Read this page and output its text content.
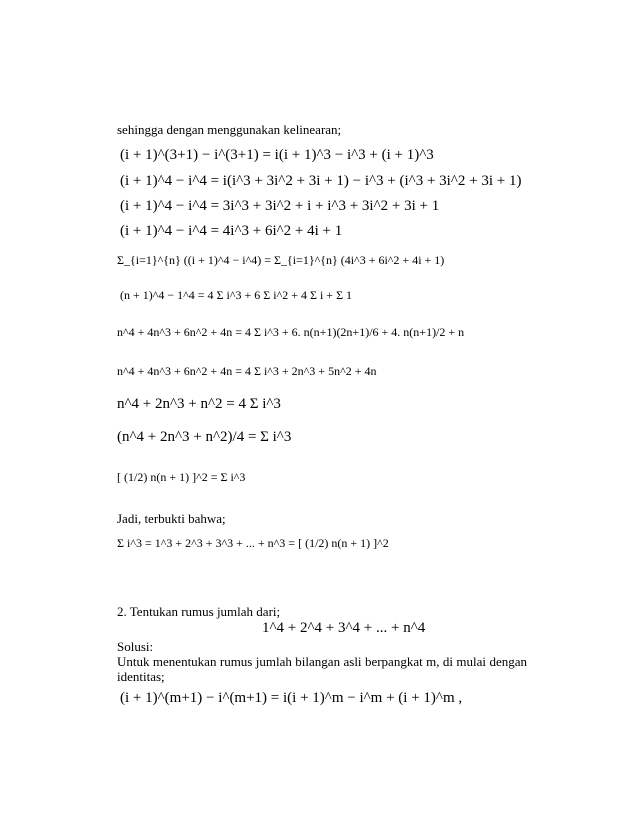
sehingga dengan menggunakan kelinearan;
(i + 1)^(3+1) − i^(3+1) = i(i + 1)^3 − i^3 + (i + 1)^3
(i + 1)^4 − i^4 = i(i^3 + 3i^2 + 3i + 1) − i^3 + (i^3 + 3i^2 + 3i + 1)
(i + 1)^4 − i^4 = 3i^3 + 3i^2 + i + i^3 + 3i^2 + 3i + 1
(i + 1)^4 − i^4 = 4i^3 + 6i^2 + 4i + 1
Σ_{i=1}^{n} ((i + 1)^4 − i^4) = Σ_{i=1}^{n} (4i^3 + 6i^2 + 4i + 1)
(n + 1)^4 − 1^4 = 4 Σ i^3 + 6 Σ i^2 + 4 Σ i + Σ 1
n^4 + 4n^3 + 6n^2 + 4n = 4 Σ i^3 + 6. n(n+1)(2n+1)/6 + 4. n(n+1)/2 + n
n^4 + 4n^3 + 6n^2 + 4n = 4 Σ i^3 + 2n^3 + 5n^2 + 4n
n^4 + 2n^3 + n^2 = 4 Σ i^3
(n^4 + 2n^3 + n^2)/4 = Σ i^3
[ (1/2) n(n + 1) ]^2 = Σ i^3
Jadi, terbukti bahwa;
Σ i^3 = 1^3 + 2^3 + 3^3 + ... + n^3 = [ (1/2) n(n + 1) ]^2
2. Tentukan rumus jumlah dari;
1^4 + 2^4 + 3^4 + ... + n^4
Solusi:
Untuk menentukan rumus jumlah bilangan asli berpangkat m, di mulai dengan identitas;
(i + 1)^(m+1) − i^(m+1) = i(i + 1)^m − i^m + (i + 1)^m ,
